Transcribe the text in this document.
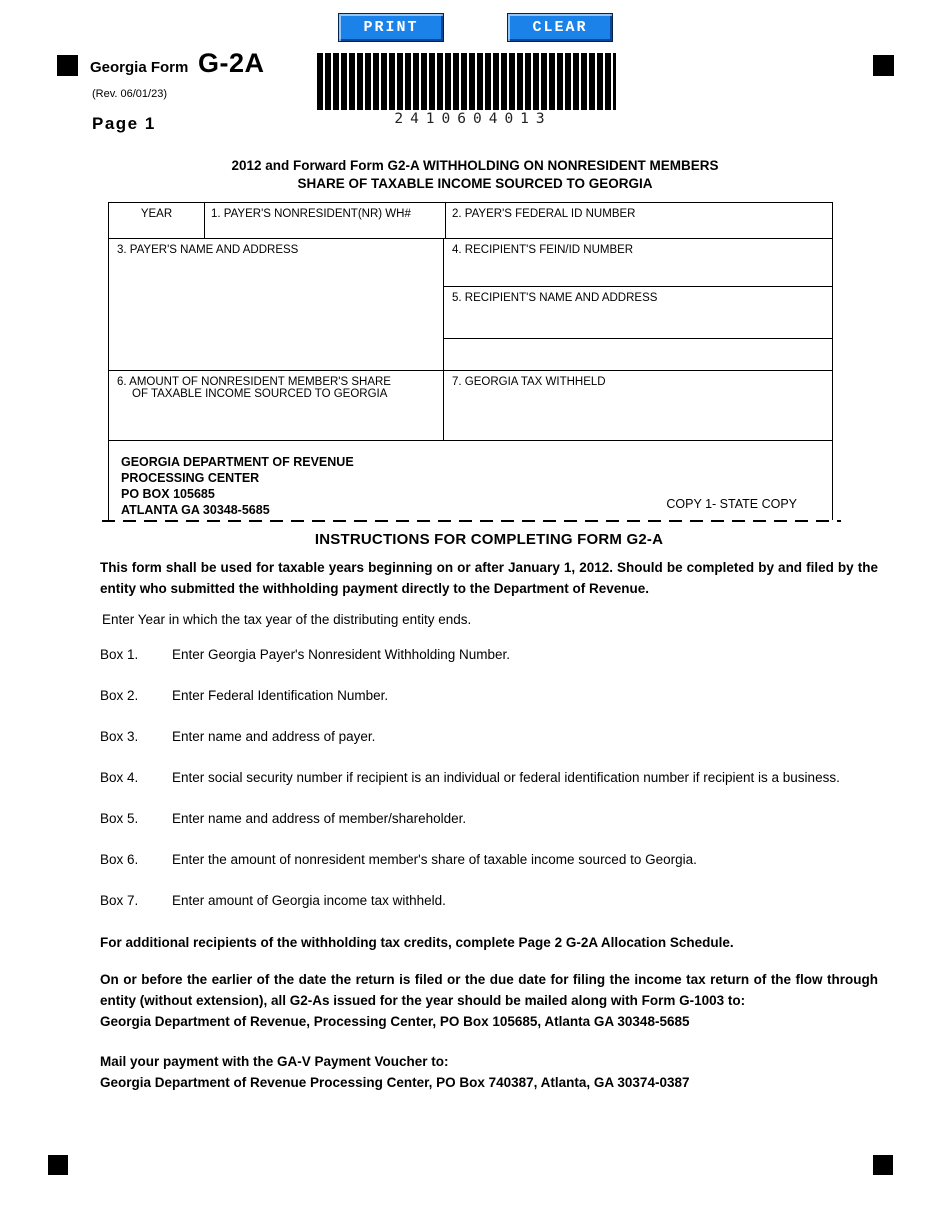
PRINT	CLEAR
Georgia Form G-2A
(Rev. 06/01/23)
Page 1	2410604013
2012 and Forward Form G2-A WITHHOLDING ON NONRESIDENT MEMBERS
SHARE OF TAXABLE INCOME SOURCED TO GEORGIA
YEAR	1. PAYER'S NONRESIDENT(NR) WH#	2. PAYER'S FEDERAL ID NUMBER
3. PAYER'S NAME AND ADDRESS	4. RECIPIENT'S FEIN/ID NUMBER
5. RECIPIENT'S NAME AND ADDRESS
6. AMOUNT OF NONRESIDENT MEMBER'S SHARE
OF TAXABLE INCOME SOURCED TO GEORGIA
7. GEORGIA TAX WITHHELD
GEORGIA DEPARTMENT OF REVENUE
PROCESSING CENTER
PO BOX 105685
ATLANTA GA 30348-5685	COPY 1- STATE COPY
INSTRUCTIONS FOR COMPLETING FORM G2-A

This form shall be used for taxable years beginning on or after January 1, 2012. Should be completed by and filed by the entity who submitted the withholding payment directly to the Department of Revenue.

Enter Year in which the tax year of the distributing entity ends.

Box 1.	Enter Georgia Payer's Nonresident Withholding Number.
Box 2.	Enter Federal Identification Number.
Box 3.	Enter name and address of payer.
Box 4.	Enter social security number if recipient is an individual or federal identification number if recipient is a business.
Box 5.	Enter name and address of member/shareholder.
Box 6.	Enter the amount of nonresident member's share of taxable income sourced to Georgia.
Box 7.	Enter amount of Georgia income tax withheld.

For additional recipients of the withholding tax credits, complete Page 2 G-2A Allocation Schedule.

On or before the earlier of the date the return is filed or the due date for filing the income tax return of the flow through entity (without extension), all G2-As issued for the year should be mailed along with Form G-1003 to:

Georgia Department of Revenue, Processing Center, PO Box 105685, Atlanta GA 30348-5685

Mail your payment with the GA-V Payment Voucher to:

Georgia Department of Revenue Processing Center, PO Box 740387, Atlanta, GA 30374-0387
